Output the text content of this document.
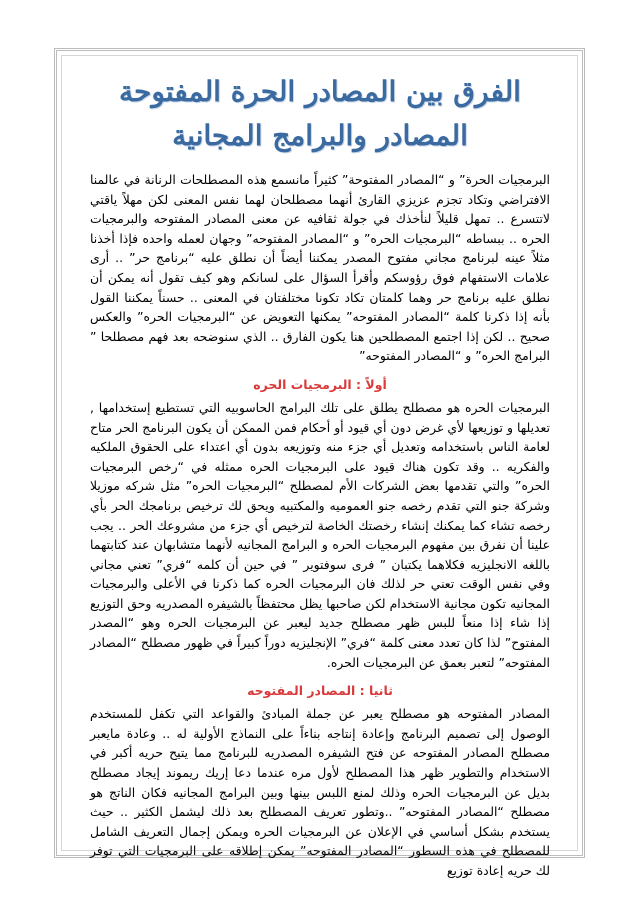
الفرق بين المصادر الحرة المفتوحة
المصادر والبرامج المجانية

البرمجيات الحرة” و “المصادر المفتوحة” كثيراً مانسمع هذه المصطلحات الرنانة في عالمنا الافتراضي وتكاد تجزم عزيزي القارئ أنهما مصطلحان لهما نفس المعنى لكن مهلاً ياقتي لاتتسرع .. تمهل قليلاً لنأخذك في جولة ثقافيه عن معنى المصادر المفتوحه والبرمجيات الحره .. ببساطه “البرمجيات الحره” و “المصادر المفتوحه” وجهان لعمله واحده فإذا أخذنا مثلاً عينه لبرنامج مجاني مفتوح المصدر يمكننا أيضاً أن نطلق عليه “برنامج حر” .. أرى علامات الاستفهام فوق رؤوسكم وأقرأ السؤال على لسانكم وهو كيف تقول أنه يمكن أن نطلق عليه برنامج حر وهما كلمتان تكاد تكونا مختلفتان في المعنى .. حسناً يمكننا القول بأنه إذا ذكرنا كلمة “المصادر المفتوحه” يمكنها التعويض عن “البرمجيات الحره” والعكس صحيح .. لكن إذا اجتمع المصطلحين هنا يكون الفارق .. الذي سنوضحه بعد فهم مصطلحا ” البرامج الحره” و “المصادر المفتوحه”

أولاً : البرمجيات الحره

البرمجيات الحره هو مصطلح يطلق على تلك البرامج الحاسوبيه التي تستطيع إستخدامها , تعديلها و توزيعها لأي غرض دون أي قيود أو أحكام فمن الممكن أن يكون البرنامج الحر متاح لعامة الناس باستخدامه وتعديل أي جزء منه وتوزيعه بدون أي اعتداء على الحقوق الملكيه والفكريه .. وقد تكون هناك قيود على البرمجيات الحره ممثله في “رخص البرمجيات الحره” والتي تقدمها بعض الشركات الأم لمصطلح “البرمجيات الحره” مثل شركه موزيلا وشركة جنو التي تقدم رخصه جنو العموميه والمكتبيه ويحق لك ترخيص برنامجك الحر بأي رخصه تشاء كما يمكنك إنشاء رخصتك الخاصة لترخيص أي جزء من مشروعك الحر .. يجب علينا أن نفرق بين مفهوم البرمجيات الحره و البرامج المجانيه لأنهما متشابهان عند كتابتهما باللغه الانجليزيه فكلاهما يكتبان ” فرى سوفتوير ” في حين أن كلمه “فري” تعني مجاني وفي نفس الوقت تعني حر لذلك فان البرمجيات الحره كما ذكرنا في الأعلى والبرمجيات المجانيه تكون مجانية الاستخدام لكن صاحبها يظل محتفظاً بالشيفره المصدريه وحق التوزيع إذا شاء إذا منعاً للبس ظهر مصطلح جديد ليعبر عن البرمجيات الحره وهو “المصدر المفتوح” لذا كان تعدد معنى كلمة “فري” الإنجليزيه دوراً كبيراً في ظهور مصطلح “المصادر المفتوحه” لتعبر بعمق عن البرمجيات الحره.

ثانيا : المصادر المفتوحه

المصادر المفتوحه هو مصطلح يعبر عن جملة المبادئ والقواعد التي تكفل للمستخدم الوصول إلى تصميم البرنامج وإعادة إنتاجه بناءاً على النماذج الأولية له .. وعادة مايعبر مصطلح المصادر المفتوحه عن فتح الشيفره المصدريه للبرنامج مما يتيح حريه أكبر في الاستخدام والتطوير ظهر هذا المصطلح لأول مره عندما دعا إريك ريموند إيجاد مصطلح بديل عن البرمجيات الحره وذلك لمنع اللبس بينها وبين البرامج المجانيه فكان الناتج هو مصطلح “المصادر المفتوحه” ..وتطور تعريف المصطلح بعد ذلك ليشمل الكثير .. حيث يستخدم بشكل أساسي في الإعلان عن البرمجيات الحره ويمكن إجمال التعريف الشامل للمصطلح في هذه السطور “المصادر المفتوحه” يمكن إطلاقه على البرمجيات التي توفر لك حريه إعادة توزيع
